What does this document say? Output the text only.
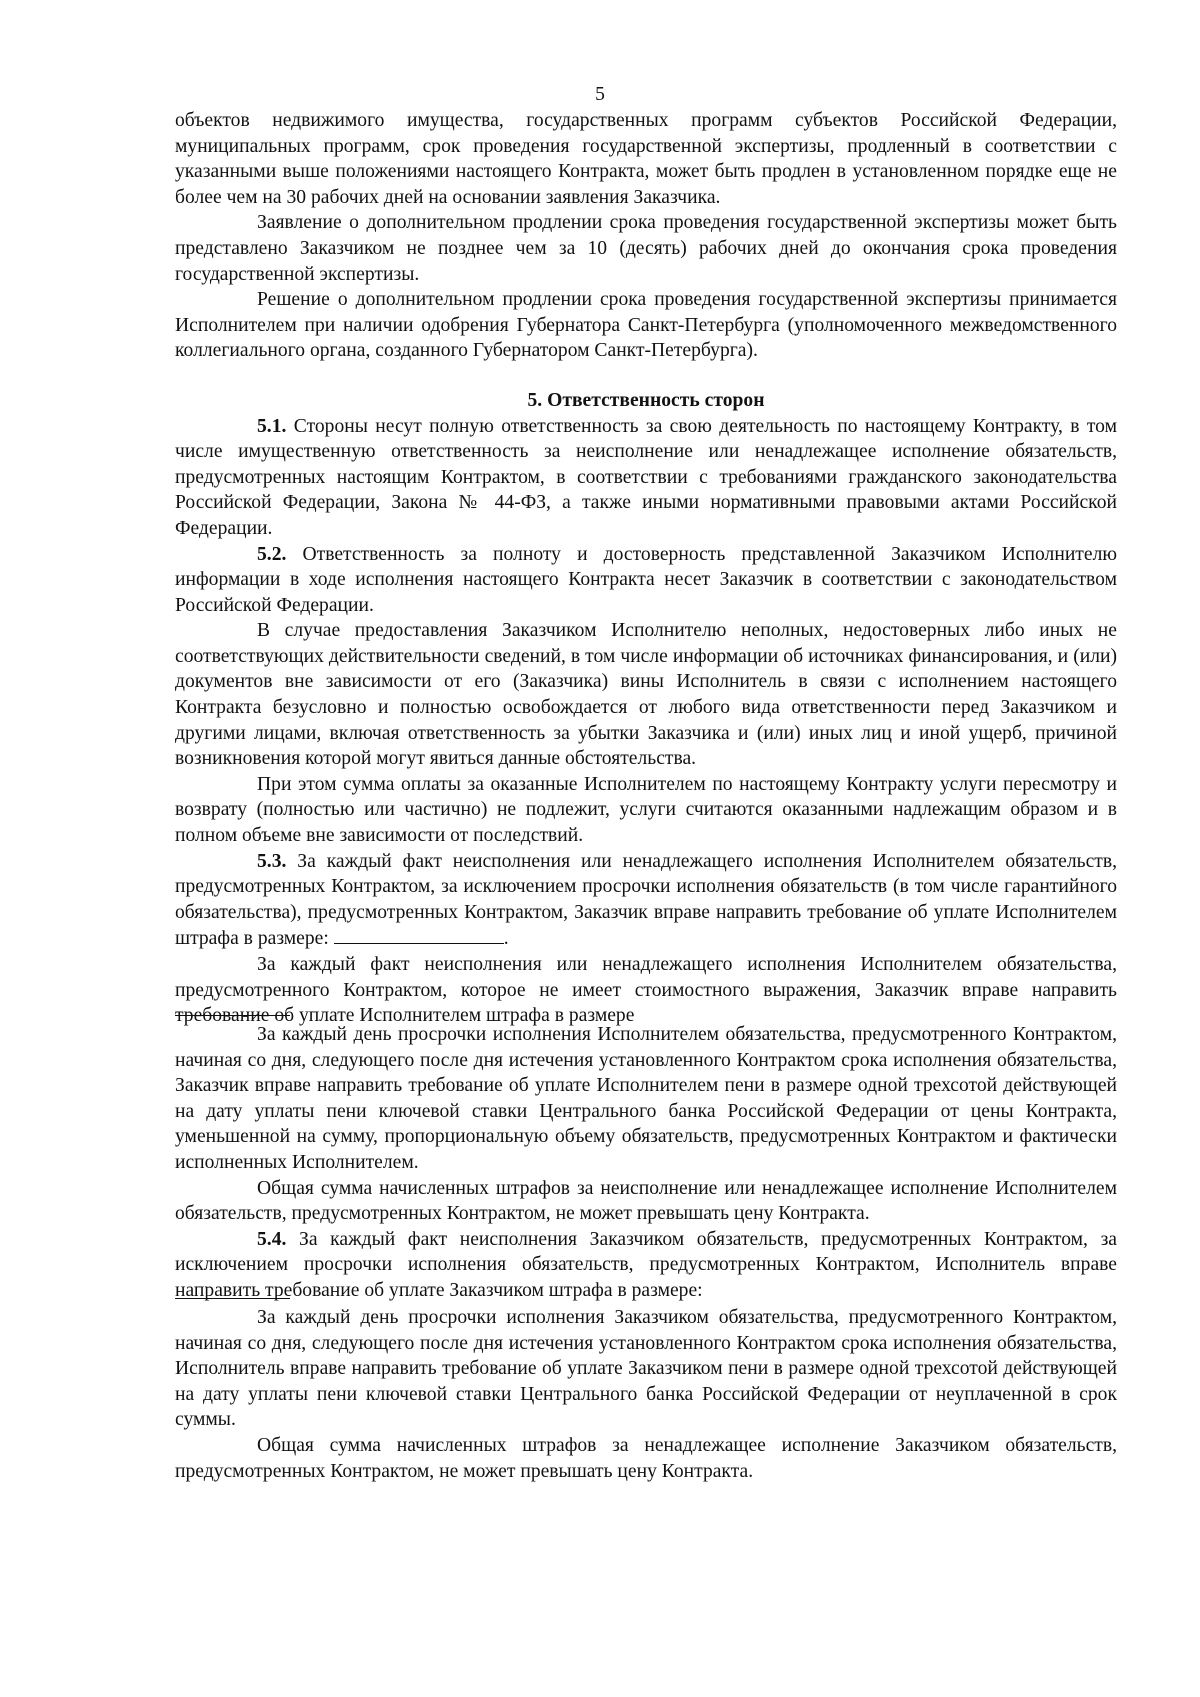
5

объектов недвижимого имущества, государственных программ субъектов Российской Федерации, муниципальных программ, срок проведения государственной экспертизы, продленный в соответствии с указанными выше положениями настоящего Контракта, может быть продлен в установленном порядке еще не более чем на 30 рабочих дней на основании заявления Заказчика.

Заявление о дополнительном продлении срока проведения государственной экспертизы может быть представлено Заказчиком не позднее чем за 10 (десять) рабочих дней до окончания срока проведения государственной экспертизы.

Решение о дополнительном продлении срока проведения государственной экспертизы принимается Исполнителем при наличии одобрения Губернатора Санкт-Петербурга (уполномоченного межведомственного коллегиального органа, созданного Губернатором Санкт-Петербурга).

5. Ответственность сторон

5.1. Стороны несут полную ответственность за свою деятельность по настоящему Контракту, в том числе имущественную ответственность за неисполнение или ненадлежащее исполнение обязательств, предусмотренных настоящим Контрактом, в соответствии с требованиями гражданского законодательства Российской Федерации, Закона № 44-ФЗ, а также иными нормативными правовыми актами Российской Федерации.

5.2. Ответственность за полноту и достоверность представленной Заказчиком Исполнителю информации в ходе исполнения настоящего Контракта несет Заказчик в соответствии с законодательством Российской Федерации.

В случае предоставления Заказчиком Исполнителю неполных, недостоверных либо иных не соответствующих действительности сведений, в том числе информации об источниках финансирования, и (или) документов вне зависимости от его (Заказчика) вины Исполнитель в связи с исполнением настоящего Контракта безусловно и полностью освобождается от любого вида ответственности перед Заказчиком и другими лицами, включая ответственность за убытки Заказчика и (или) иных лиц и иной ущерб, причиной возникновения которой могут явиться данные обстоятельства.

При этом сумма оплаты за оказанные Исполнителем по настоящему Контракту услуги пересмотру и возврату (полностью или частично) не подлежит, услуги считаются оказанными надлежащим образом и в полном объеме вне зависимости от последствий.

5.3. За каждый факт неисполнения или ненадлежащего исполнения Исполнителем обязательств, предусмотренных Контрактом, за исключением просрочки исполнения обязательств (в том числе гарантийного обязательства), предусмотренных Контрактом, Заказчик вправе направить требование об уплате Исполнителем штрафа в размере:	.

За каждый факт неисполнения или ненадлежащего исполнения Исполнителем обязательства, предусмотренного Контрактом, которое не имеет стоимостного выражения, Заказчик вправе направить требование об уплате Исполнителем штрафа в размере

За каждый день просрочки исполнения Исполнителем обязательства, предусмотренного Контрактом, начиная со дня, следующего после дня истечения установленного Контрактом срока исполнения обязательства, Заказчик вправе направить требование об уплате Исполнителем пени в размере одной трехсотой действующей на дату уплаты пени ключевой ставки Центрального банка Российской Федерации от цены Контракта, уменьшенной на сумму, пропорциональную объему обязательств, предусмотренных Контрактом и фактически исполненных Исполнителем.

Общая сумма начисленных штрафов за неисполнение или ненадлежащее исполнение Исполнителем обязательств, предусмотренных Контрактом, не может превышать цену Контракта.

5.4. За каждый факт неисполнения Заказчиком обязательств, предусмотренных Контрактом, за исключением просрочки исполнения обязательств, предусмотренных Контрактом, Исполнитель вправе направить требование об уплате Заказчиком штрафа в размере:

За каждый день просрочки исполнения Заказчиком обязательства, предусмотренного Контрактом, начиная со дня, следующего после дня истечения установленного Контрактом срока исполнения обязательства, Исполнитель вправе направить требование об уплате Заказчиком пени в размере одной трехсотой действующей на дату уплаты пени ключевой ставки Центрального банка Российской Федерации от неуплаченной в срок суммы.

Общая сумма начисленных штрафов за ненадлежащее исполнение Заказчиком обязательств, предусмотренных Контрактом, не может превышать цену Контракта.
